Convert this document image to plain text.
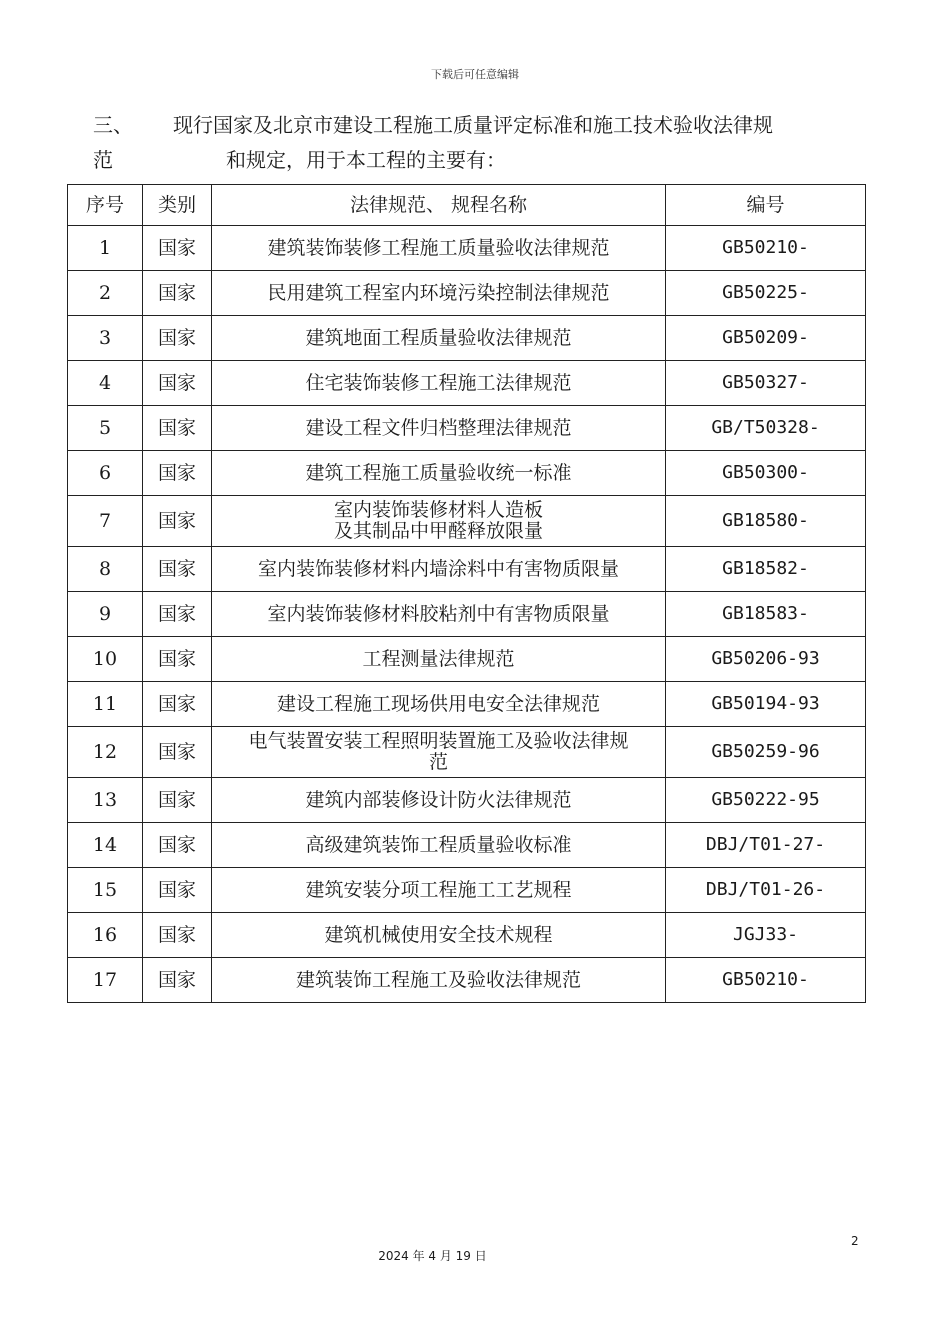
下载后可任意编辑
三、 现行国家及北京市建设工程施工质量评定标准和施工技术验收法律规
范	和规定，用于本工程的主要有：
序号	类别	法律规范、 规程名称	编号
1	国家	建筑装饰装修工程施工质量验收法律规范	GB50210-
2	国家	民用建筑工程室内环境污染控制法律规范	GB50225-
3	国家	建筑地面工程质量验收法律规范	GB50209-
4	国家	住宅装饰装修工程施工法律规范	GB50327-
5	国家	建设工程文件归档整理法律规范	GB/T50328-
6	国家	建筑工程施工质量验收统一标准	GB50300-
7	国家	室内装饰装修材料人造板
及其制品中甲醛释放限量	GB18580-
8	国家	室内装饰装修材料内墙涂料中有害物质限量	GB18582-
9	国家	室内装饰装修材料胶粘剂中有害物质限量	GB18583-
10	国家	工程测量法律规范	GB50206-93
11	国家	建设工程施工现场供用电安全法律规范	GB50194-93
12	国家	电气装置安装工程照明装置施工及验收法律规
范	GB50259-96
13	国家	建筑内部装修设计防火法律规范	GB50222-95
14	国家	高级建筑装饰工程质量验收标准	DBJ/T01-27-
15	国家	建筑安装分项工程施工工艺规程	DBJ/T01-26-
16	国家	建筑机械使用安全技术规程	JGJ33-
17	国家	建筑装饰工程施工及验收法律规范	GB50210-
2
2024 年 4 月 19 日
